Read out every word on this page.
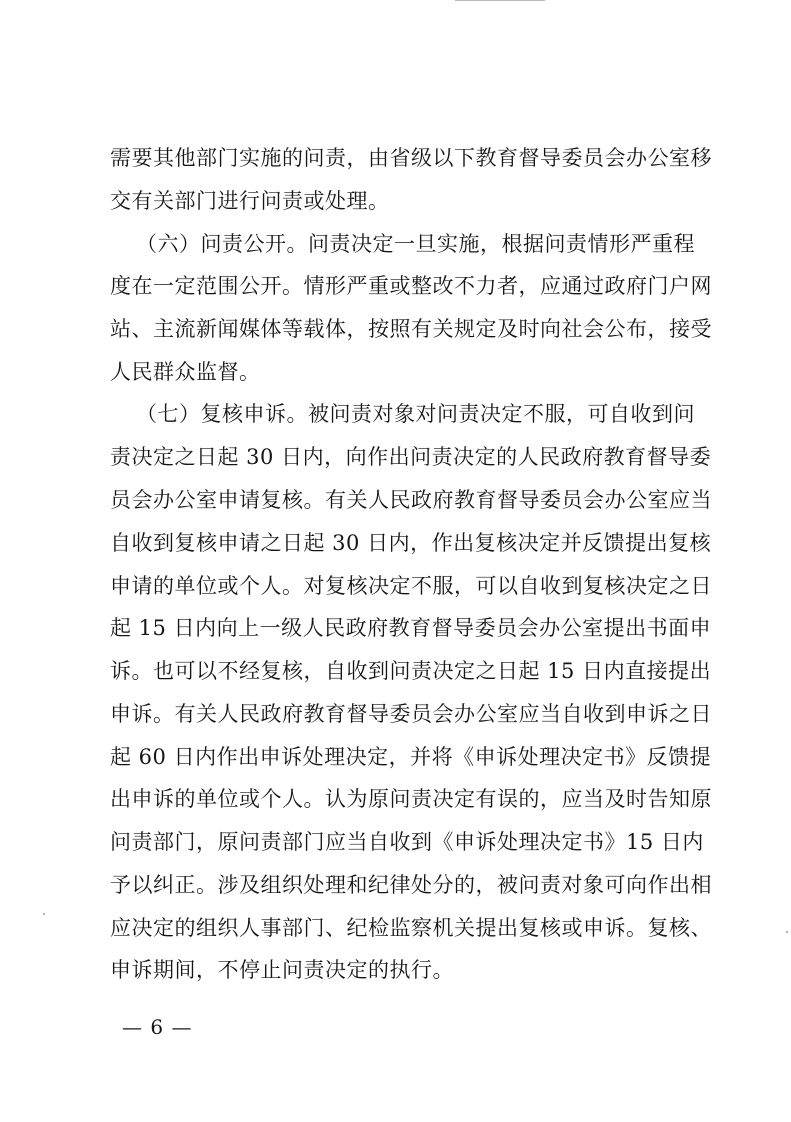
需要其他部门实施的问责，由省级以下教育督导委员会办公室移
交有关部门进行问责或处理。
（六）问责公开。问责决定一旦实施，根据问责情形严重程
度在一定范围公开。情形严重或整改不力者，应通过政府门户网
站、主流新闻媒体等载体，按照有关规定及时向社会公布，接受
人民群众监督。
（七）复核申诉。被问责对象对问责决定不服，可自收到问
责决定之日起 30 日内，向作出问责决定的人民政府教育督导委
员会办公室申请复核。有关人民政府教育督导委员会办公室应当
自收到复核申请之日起 30 日内，作出复核决定并反馈提出复核
申请的单位或个人。对复核决定不服，可以自收到复核决定之日
起 15 日内向上一级人民政府教育督导委员会办公室提出书面申
诉。也可以不经复核，自收到问责决定之日起 15 日内直接提出
申诉。有关人民政府教育督导委员会办公室应当自收到申诉之日
起 60 日内作出申诉处理决定，并将《申诉处理决定书》反馈提
出申诉的单位或个人。认为原问责决定有误的，应当及时告知原
问责部门，原问责部门应当自收到《申诉处理决定书》15 日内
予以纠正。涉及组织处理和纪律处分的，被问责对象可向作出相
应决定的组织人事部门、纪检监察机关提出复核或申诉。复核、
申诉期间，不停止问责决定的执行。
— 6 —
